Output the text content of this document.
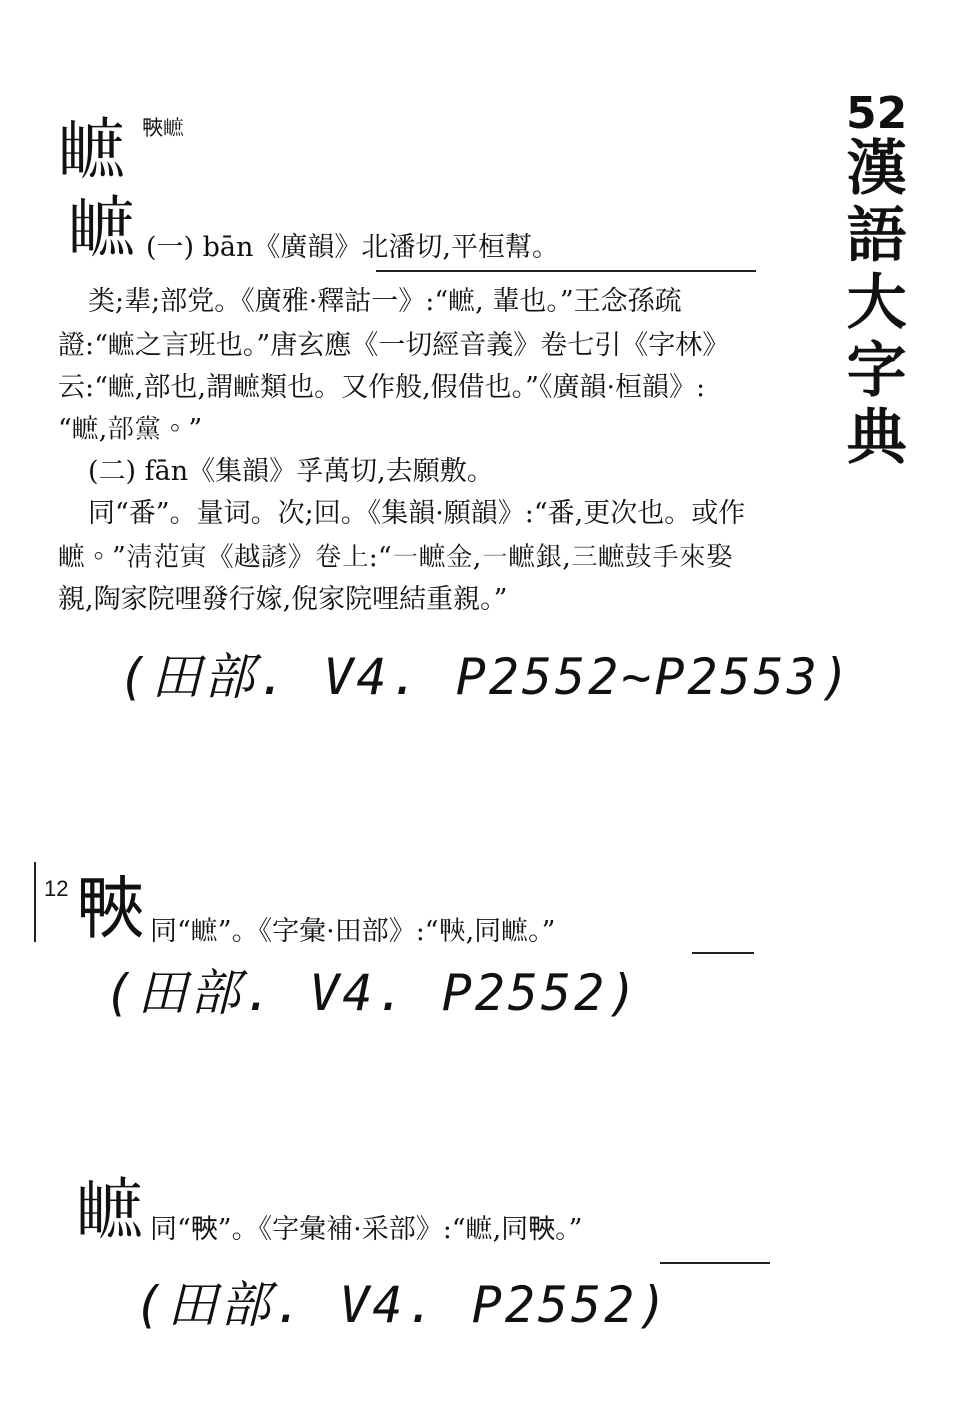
52
漢
語
大
字
典
𤳐 𤲍𤳐
𤳐 (一) bān《廣韻》北潘切,平桓幫。
类;辈;部党。《廣雅·釋詁一》:“𤳐, 輩也。”王念孫疏
證:“𤳐之言班也。”唐玄應《一切經音義》卷七引《字林》
云:“𤳐,部也,謂𤳐類也。又作般,假借也。”《廣韻·桓韻》:
“𤳐,部黨。”
(二) fān《集韻》孚萬切,去願敷。
同“番”。量词。次;回。《集韻·願韻》:“番,更次也。或作
𤳐。”清范寅《越諺》卷上:“一𤳐金,一𤳐銀,三𤳐鼓手來娶
親,陶家院哩發行嫁,倪家院哩結重親。”
(田部. V4. P2552~P2553)
12 𤲍 同“𤳐”。《字彙·田部》:“𤲍,同𤳐。”
(田部. V4. P2552)
𤳐 同“𤲍”。《字彙補·采部》:“𤳐,同𤲍。”
(田部. V4. P2552)
